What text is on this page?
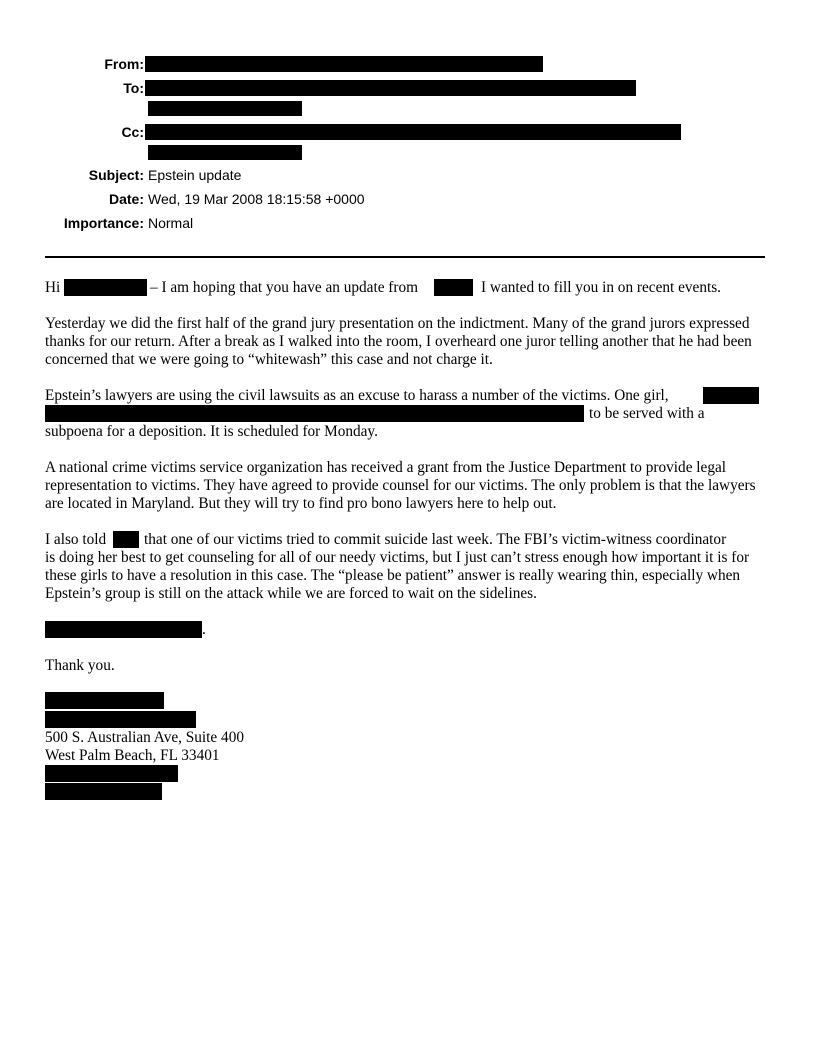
From:
To:
Cc:
Subject: Epstein update
Date: Wed, 19 Mar 2008 18:15:58 +0000
Importance: Normal
Hi	– I am hoping that you have an update from	I wanted to fill you in on recent events.
Yesterday we did the first half of the grand jury presentation on the indictment. Many of the grand jurors expressed thanks for our return. After a break as I walked into the room, I overheard one juror telling another that he had been concerned that we were going to “whitewash” this case and not charge it.
Epstein’s lawyers are using the civil lawsuits as an excuse to harass a number of the victims. One girl,
to be served with a
subpoena for a deposition. It is scheduled for Monday.
A national crime victims service organization has received a grant from the Justice Department to provide legal representation to victims. They have agreed to provide counsel for our victims. The only problem is that the lawyers are located in Maryland. But they will try to find pro bono lawyers here to help out.
I also told that one of our victims tried to commit suicide last week. The FBI’s victim-witness coordinator
is doing her best to get counseling for all of our needy victims, but I just can’t stress enough how important it is for these girls to have a resolution in this case. The “please be patient” answer is really wearing thin, especially when Epstein’s group is still on the attack while we are forced to wait on the sidelines.
.
Thank you.
500 S. Australian Ave, Suite 400
West Palm Beach, FL 33401
